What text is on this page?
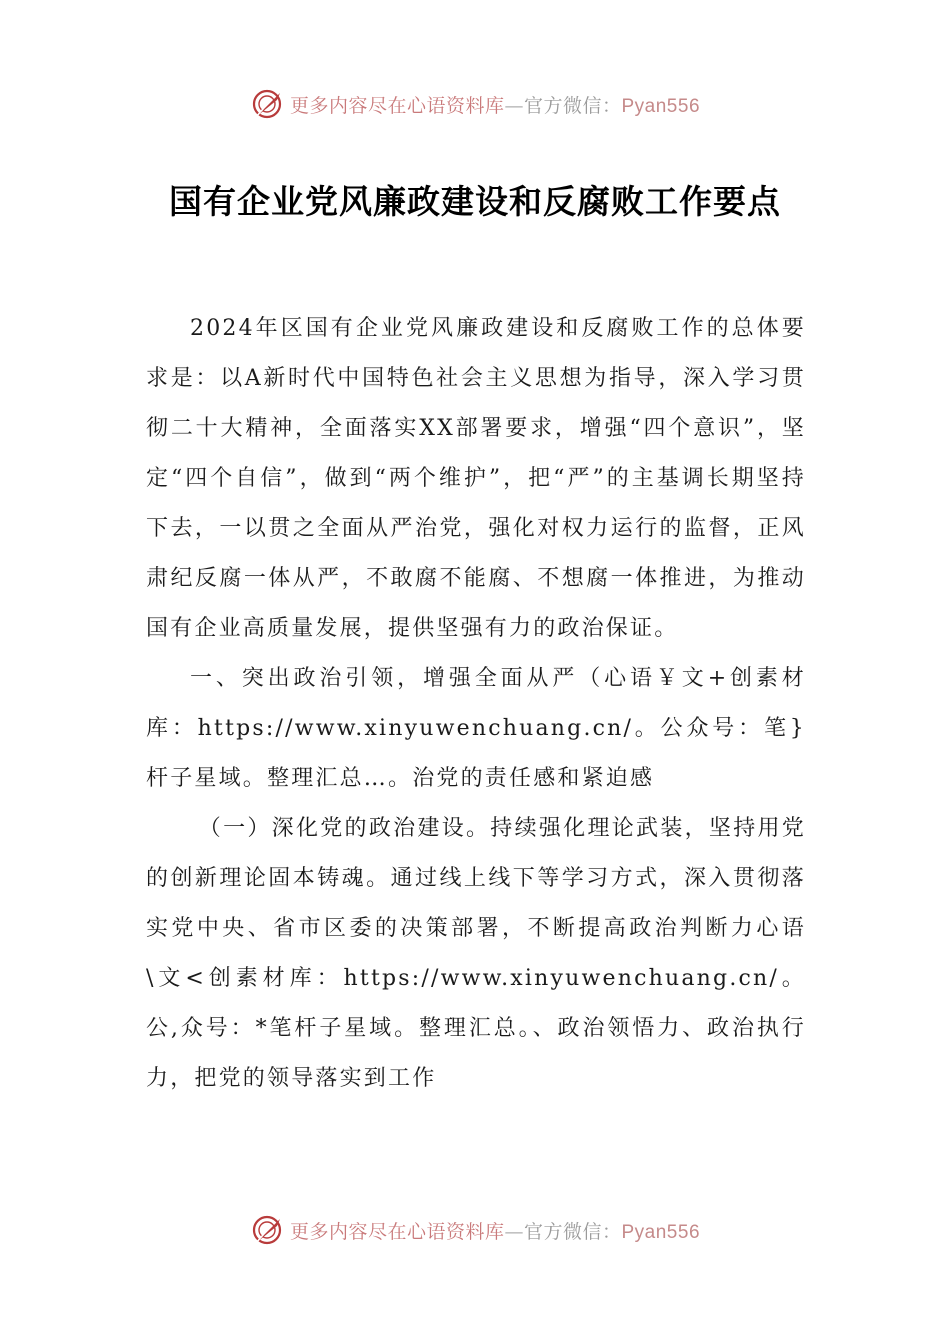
更多内容尽在心语资料库—官方微信：Pyan556
国有企业党风廉政建设和反腐败工作要点

2024年区国有企业党风廉政建设和反腐败工作的总体要求是：以A新时代中国特色社会主义思想为指导，深入学习贯彻二十大精神，全面落实XX部署要求，增强“四个意识”，坚定“四个自信”，做到“两个维护”，把“严”的主基调长期坚持下去，一以贯之全面从严治党，强化对权力运行的监督，正风肃纪反腐一体从严，不敢腐不能腐、不想腐一体推进，为推动国有企业高质量发展，提供坚强有力的政治保证。

一、突出政治引领，增强全面从严（心语￥文+创素材库：https://www.xinyuwenchuang.cn/。公众号：笔}杆子星域。整理汇总…。治党的责任感和紧迫感

（一）深化党的政治建设。持续强化理论武装，坚持用党的创新理论固本铸魂。通过线上线下等学习方式，深入贯彻落实党中央、省市区委的决策部署，不断提高政治判断力心语\文<创素材库：https://www.xinyuwenchuang.cn/。公,众号：*笔杆子星域。整理汇总。、政治领悟力、政治执行力，把党的领导落实到工作

更多内容尽在心语资料库—官方微信：Pyan556
